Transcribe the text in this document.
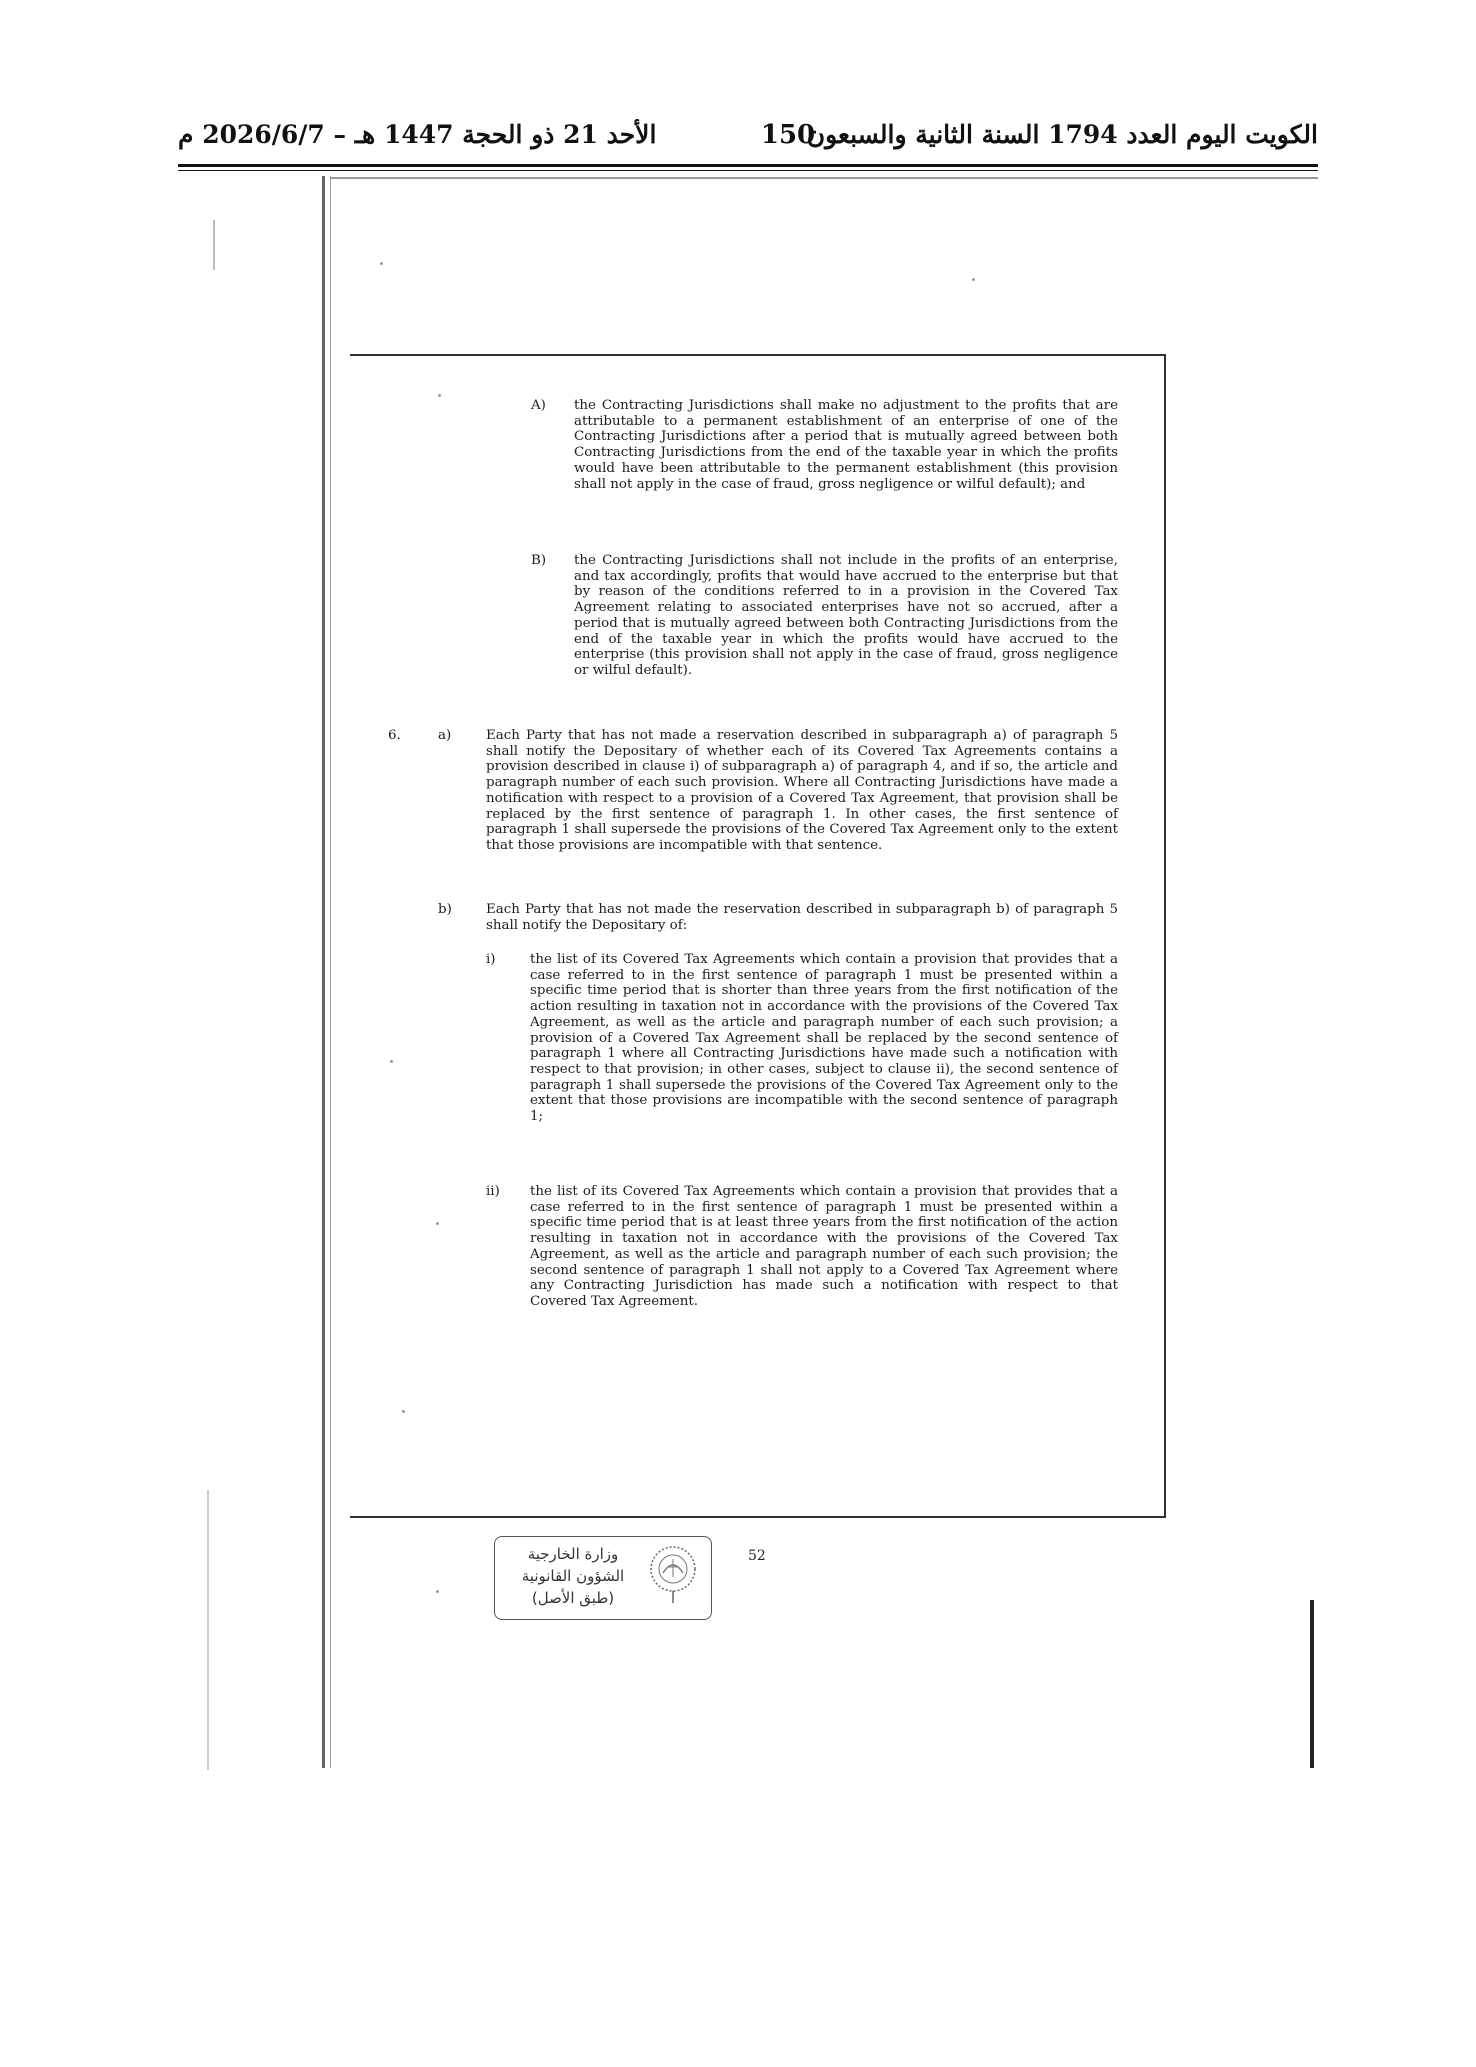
الأحد 21 ذو الحجة 1447 هـ – 2026/6/7 م	150
الكويت اليوم العدد 1794 السنة الثانية والسبعون
A) the Contracting Jurisdictions shall make no adjustment to the profits that are attributable to a permanent establishment of an enterprise of one of the Contracting Jurisdictions after a period that is mutually agreed between both Contracting Jurisdictions from the end of the taxable year in which the profits would have been attributable to the permanent establishment (this provision shall not apply in the case of fraud, gross negligence or wilful default); and
B) the Contracting Jurisdictions shall not include in the profits of an enterprise, and tax accordingly, profits that would have accrued to the enterprise but that by reason of the conditions referred to in a provision in the Covered Tax Agreement relating to associated enterprises have not so accrued, after a period that is mutually agreed between both Contracting Jurisdictions from the end of the taxable year in which the profits would have accrued to the enterprise (this provision shall not apply in the case of fraud, gross negligence or wilful default).
6.	a)	Each Party that has not made a reservation described in subparagraph a) of paragraph 5 shall notify the Depositary of whether each of its Covered Tax Agreements contains a provision described in clause i) of subparagraph a) of paragraph 4, and if so, the article and paragraph number of each such provision. Where all Contracting Jurisdictions have made a notification with respect to a provision of a Covered Tax Agreement, that provision shall be replaced by the first sentence of paragraph 1. In other cases, the first sentence of paragraph 1 shall supersede the provisions of the Covered Tax Agreement only to the extent that those provisions are incompatible with that sentence.
b)	Each Party that has not made the reservation described in subparagraph b) of paragraph 5 shall notify the Depositary of:
i)	the list of its Covered Tax Agreements which contain a provision that provides that a case referred to in the first sentence of paragraph 1 must be presented within a specific time period that is shorter than three years from the first notification of the action resulting in taxation not in accordance with the provisions of the Covered Tax Agreement, as well as the article and paragraph number of each such provision; a provision of a Covered Tax Agreement shall be replaced by the second sentence of paragraph 1 where all Contracting Jurisdictions have made such a notification with respect to that provision; in other cases, subject to clause ii), the second sentence of paragraph 1 shall supersede the provisions of the Covered Tax Agreement only to the extent that those provisions are incompatible with the second sentence of paragraph 1;
ii) the list of its Covered Tax Agreements which contain a provision that provides that a case referred to in the first sentence of paragraph 1 must be presented within a specific time period that is at least three years from the first notification of the action resulting in taxation not in accordance with the provisions of the Covered Tax Agreement, as well as the article and paragraph number of each such provision; the second sentence of paragraph 1 shall not apply to a Covered Tax Agreement where any Contracting Jurisdiction has made such a notification with respect to that Covered Tax Agreement.
وزارة الخارجية
الشؤون القانونية
(طبق الأصل)
52
